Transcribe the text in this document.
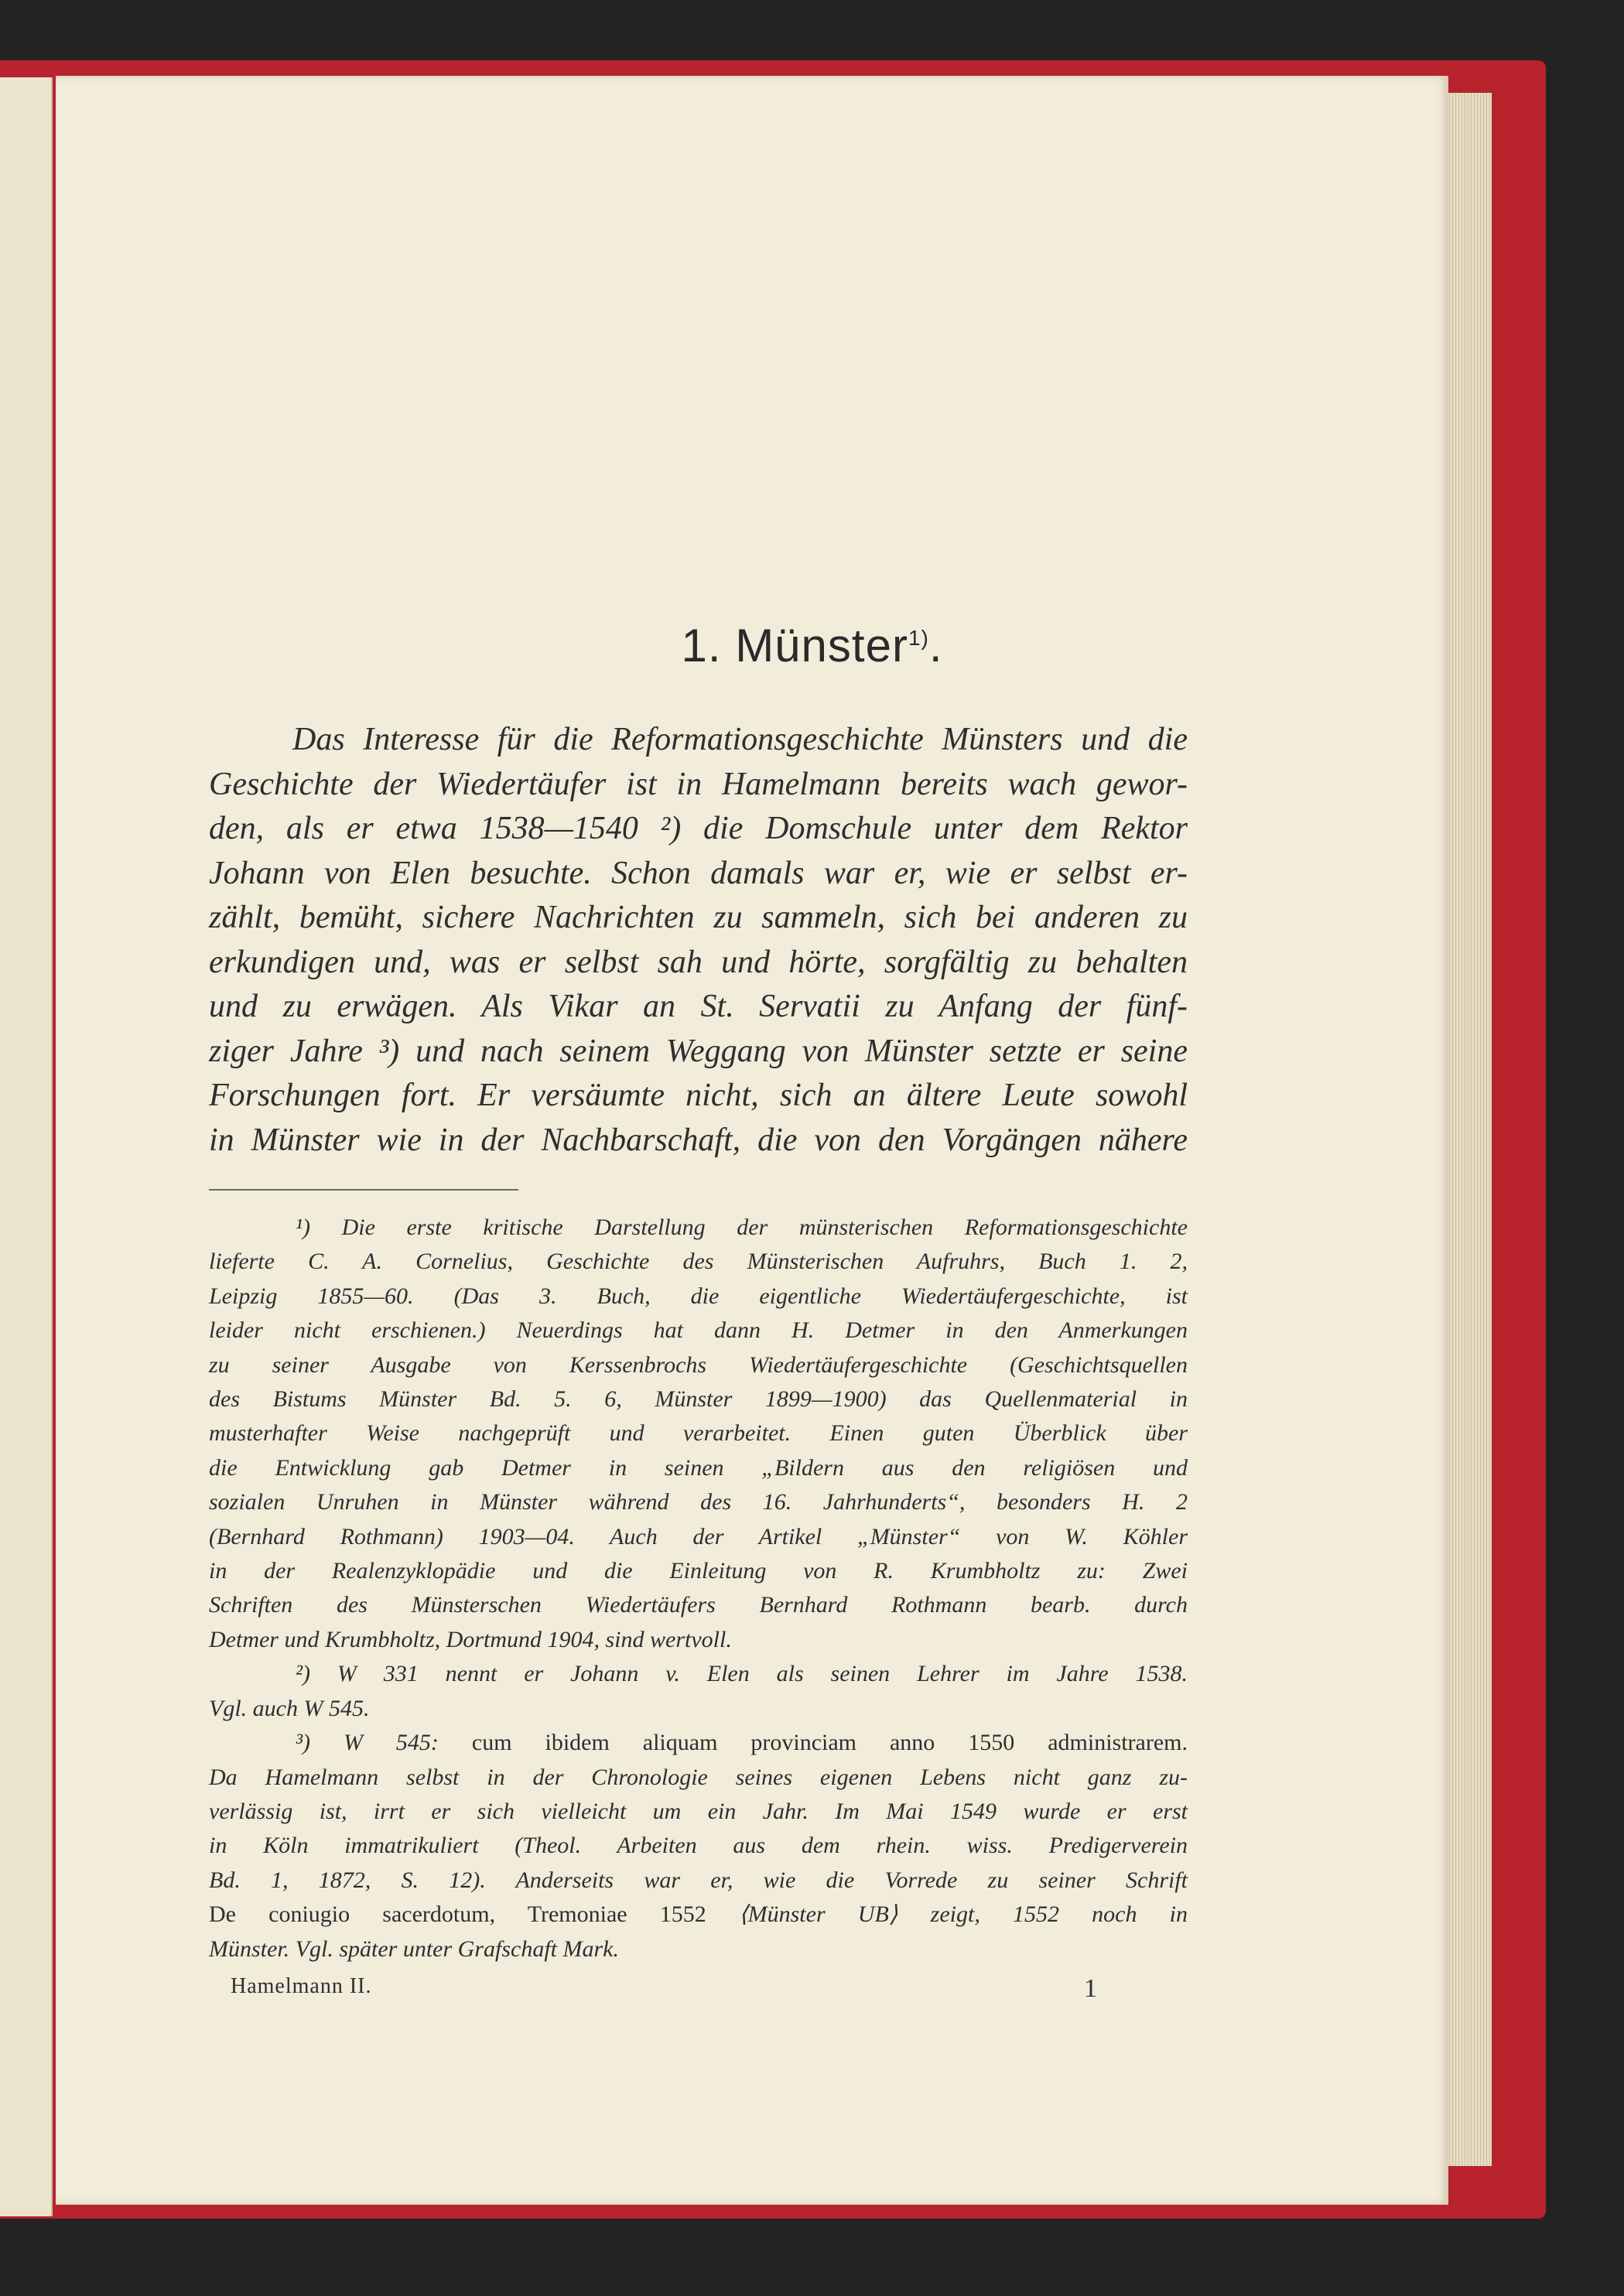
1. Münster$^{1)}$.
Das Interesse für die Reformationsgeschichte Münsters und die
Geschichte der Wiedertäufer ist in Hamelmann bereits wach gewor-
den, als er etwa 1538—1540 ²) die Domschule unter dem Rektor
Johann von Elen besuchte. Schon damals war er, wie er selbst er-
zählt, bemüht, sichere Nachrichten zu sammeln, sich bei anderen zu
erkundigen und, was er selbst sah und hörte, sorgfältig zu behalten
und zu erwägen. Als Vikar an St. Servatii zu Anfang der fünf-
ziger Jahre ³) und nach seinem Weggang von Münster setzte er seine
Forschungen fort. Er versäumte nicht, sich an ältere Leute sowohl
in Münster wie in der Nachbarschaft, die von den Vorgängen nähere
¹) Die erste kritische Darstellung der münsterischen Reformationsgeschichte
lieferte C. A. Cornelius, Geschichte des Münsterischen Aufruhrs, Buch 1. 2,
Leipzig 1855—60. (Das 3. Buch, die eigentliche Wiedertäufergeschichte, ist
leider nicht erschienen.) Neuerdings hat dann H. Detmer in den Anmerkungen
zu seiner Ausgabe von Kerssenbrochs Wiedertäufergeschichte (Geschichtsquellen
des Bistums Münster Bd. 5. 6, Münster 1899—1900) das Quellenmaterial in
musterhafter Weise nachgeprüft und verarbeitet. Einen guten Überblick über
die Entwicklung gab Detmer in seinen „Bildern aus den religiösen und
sozialen Unruhen in Münster während des 16. Jahrhunderts“, besonders H. 2
(Bernhard Rothmann) 1903—04. Auch der Artikel „Münster“ von W. Köhler
in der Realenzyklopädie und die Einleitung von R. Krumbholtz zu: Zwei
Schriften des Münsterschen Wiedertäufers Bernhard Rothmann bearb. durch
Detmer und Krumbholtz, Dortmund 1904, sind wertvoll.
²) W 331 nennt er Johann v. Elen als seinen Lehrer im Jahre 1538.
Vgl. auch W 545.
³) W 545: cum ibidem aliquam provinciam anno 1550 administrarem.
Da Hamelmann selbst in der Chronologie seines eigenen Lebens nicht ganz zu-
verlässig ist, irrt er sich vielleicht um ein Jahr. Im Mai 1549 wurde er erst
in Köln immatrikuliert (Theol. Arbeiten aus dem rhein. wiss. Predigerverein
Bd. 1, 1872, S. 12). Anderseits war er, wie die Vorrede zu seiner Schrift
De coniugio sacerdotum, Tremoniae 1552 ⟨Münster UB⟩ zeigt, 1552 noch in
Münster. Vgl. später unter Grafschaft Mark.
Hamelmann II.	1
